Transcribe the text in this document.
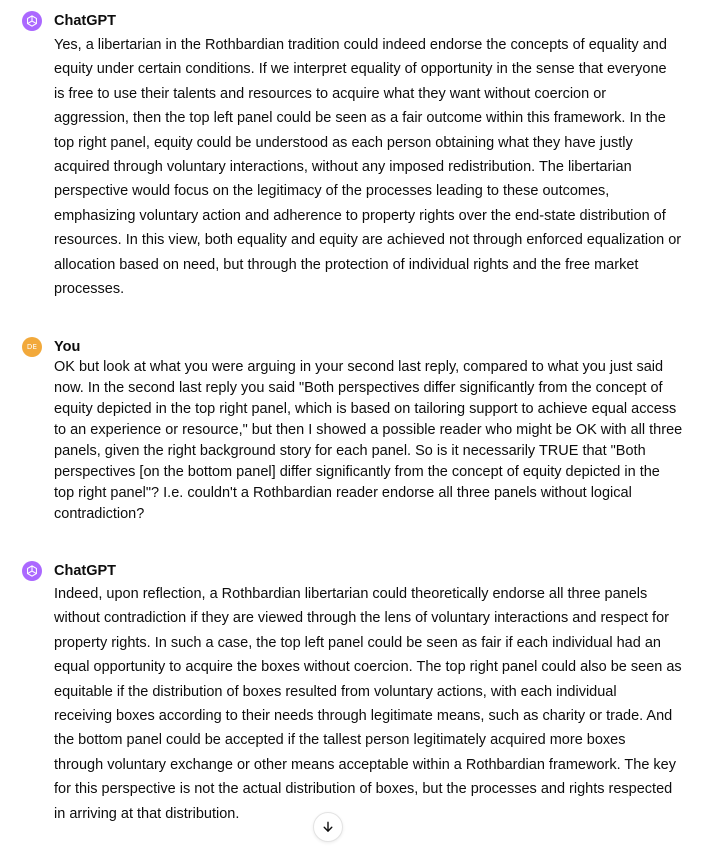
ChatGPT
Yes, a libertarian in the Rothbardian tradition could indeed endorse the concepts of equality and
equity under certain conditions. If we interpret equality of opportunity in the sense that everyone
is free to use their talents and resources to acquire what they want without coercion or
aggression, then the top left panel could be seen as a fair outcome within this framework. In the
top right panel, equity could be understood as each person obtaining what they have justly
acquired through voluntary interactions, without any imposed redistribution. The libertarian
perspective would focus on the legitimacy of the processes leading to these outcomes,
emphasizing voluntary action and adherence to property rights over the end-state distribution of
resources. In this view, both equality and equity are achieved not through enforced equalization or
allocation based on need, but through the protection of individual rights and the free market
processes.
DE You
OK but look at what you were arguing in your second last reply, compared to what you just said
now. In the second last reply you said "Both perspectives differ significantly from the concept of
equity depicted in the top right panel, which is based on tailoring support to achieve equal access
to an experience or resource," but then I showed a possible reader who might be OK with all three
panels, given the right background story for each panel. So is it necessarily TRUE that "Both
perspectives [on the bottom panel] differ significantly from the concept of equity depicted in the
top right panel"? I.e. couldn't a Rothbardian reader endorse all three panels without logical
contradiction?
ChatGPT
Indeed, upon reflection, a Rothbardian libertarian could theoretically endorse all three panels
without contradiction if they are viewed through the lens of voluntary interactions and respect for
property rights. In such a case, the top left panel could be seen as fair if each individual had an
equal opportunity to acquire the boxes without coercion. The top right panel could also be seen as
equitable if the distribution of boxes resulted from voluntary actions, with each individual
receiving boxes according to their needs through legitimate means, such as charity or trade. And
the bottom panel could be accepted if the tallest person legitimately acquired more boxes
through voluntary exchange or other means acceptable within a Rothbardian framework. The key
for this perspective is not the actual distribution of boxes, but the processes and rights respected
in arriving at that distribution.
